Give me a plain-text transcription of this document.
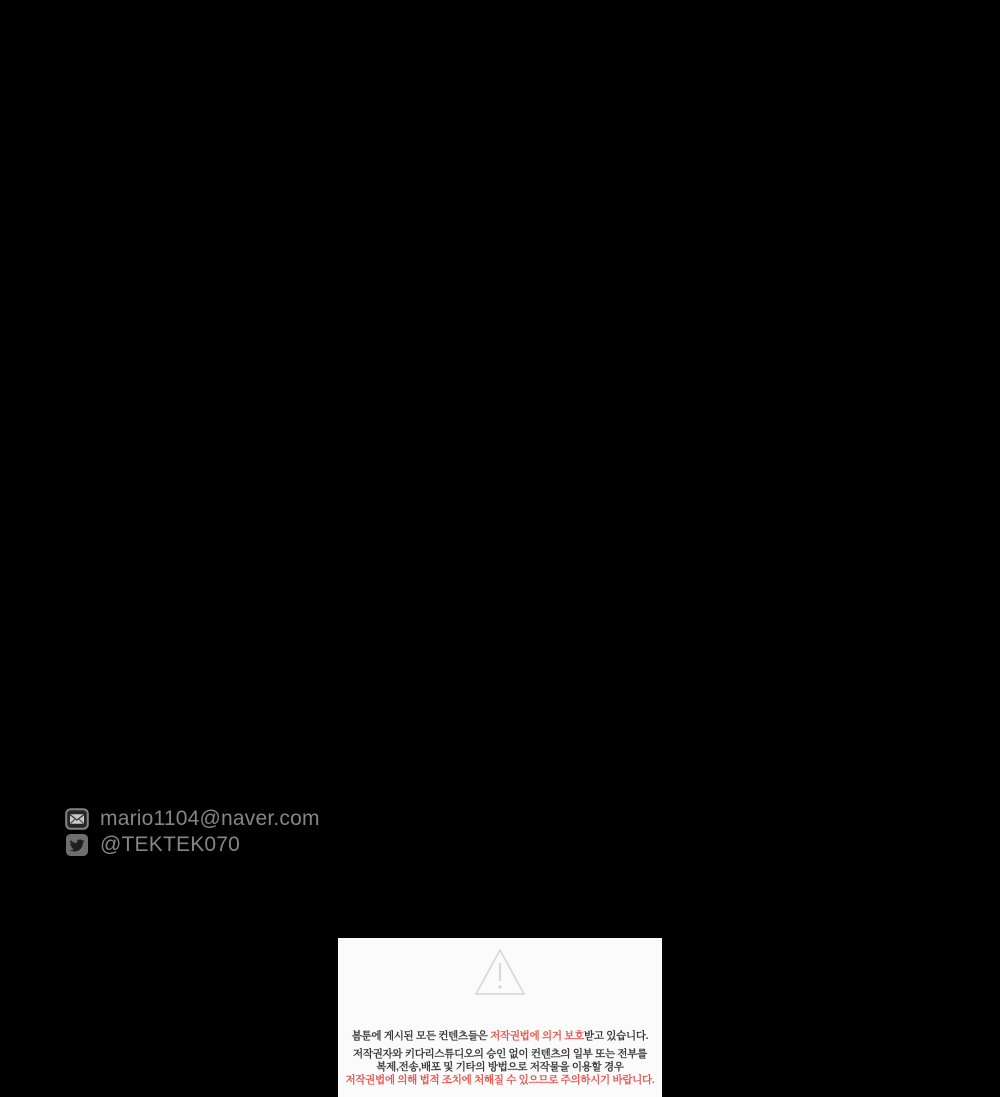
mario1104@naver.com
@TEKTEK070

봄툰에 게시된 모든 컨텐츠들은 저작권법에 의거 보호받고 있습니다.

저작권자와 키다리스튜디오의 승인 없이 컨텐츠의 일부 또는 전부를

복제,전송,배포 및 기타의 방법으로 저작물을 이용할 경우

저작권법에 의해 법적 조치에 처해질 수 있으므로 주의하시기 바랍니다.
